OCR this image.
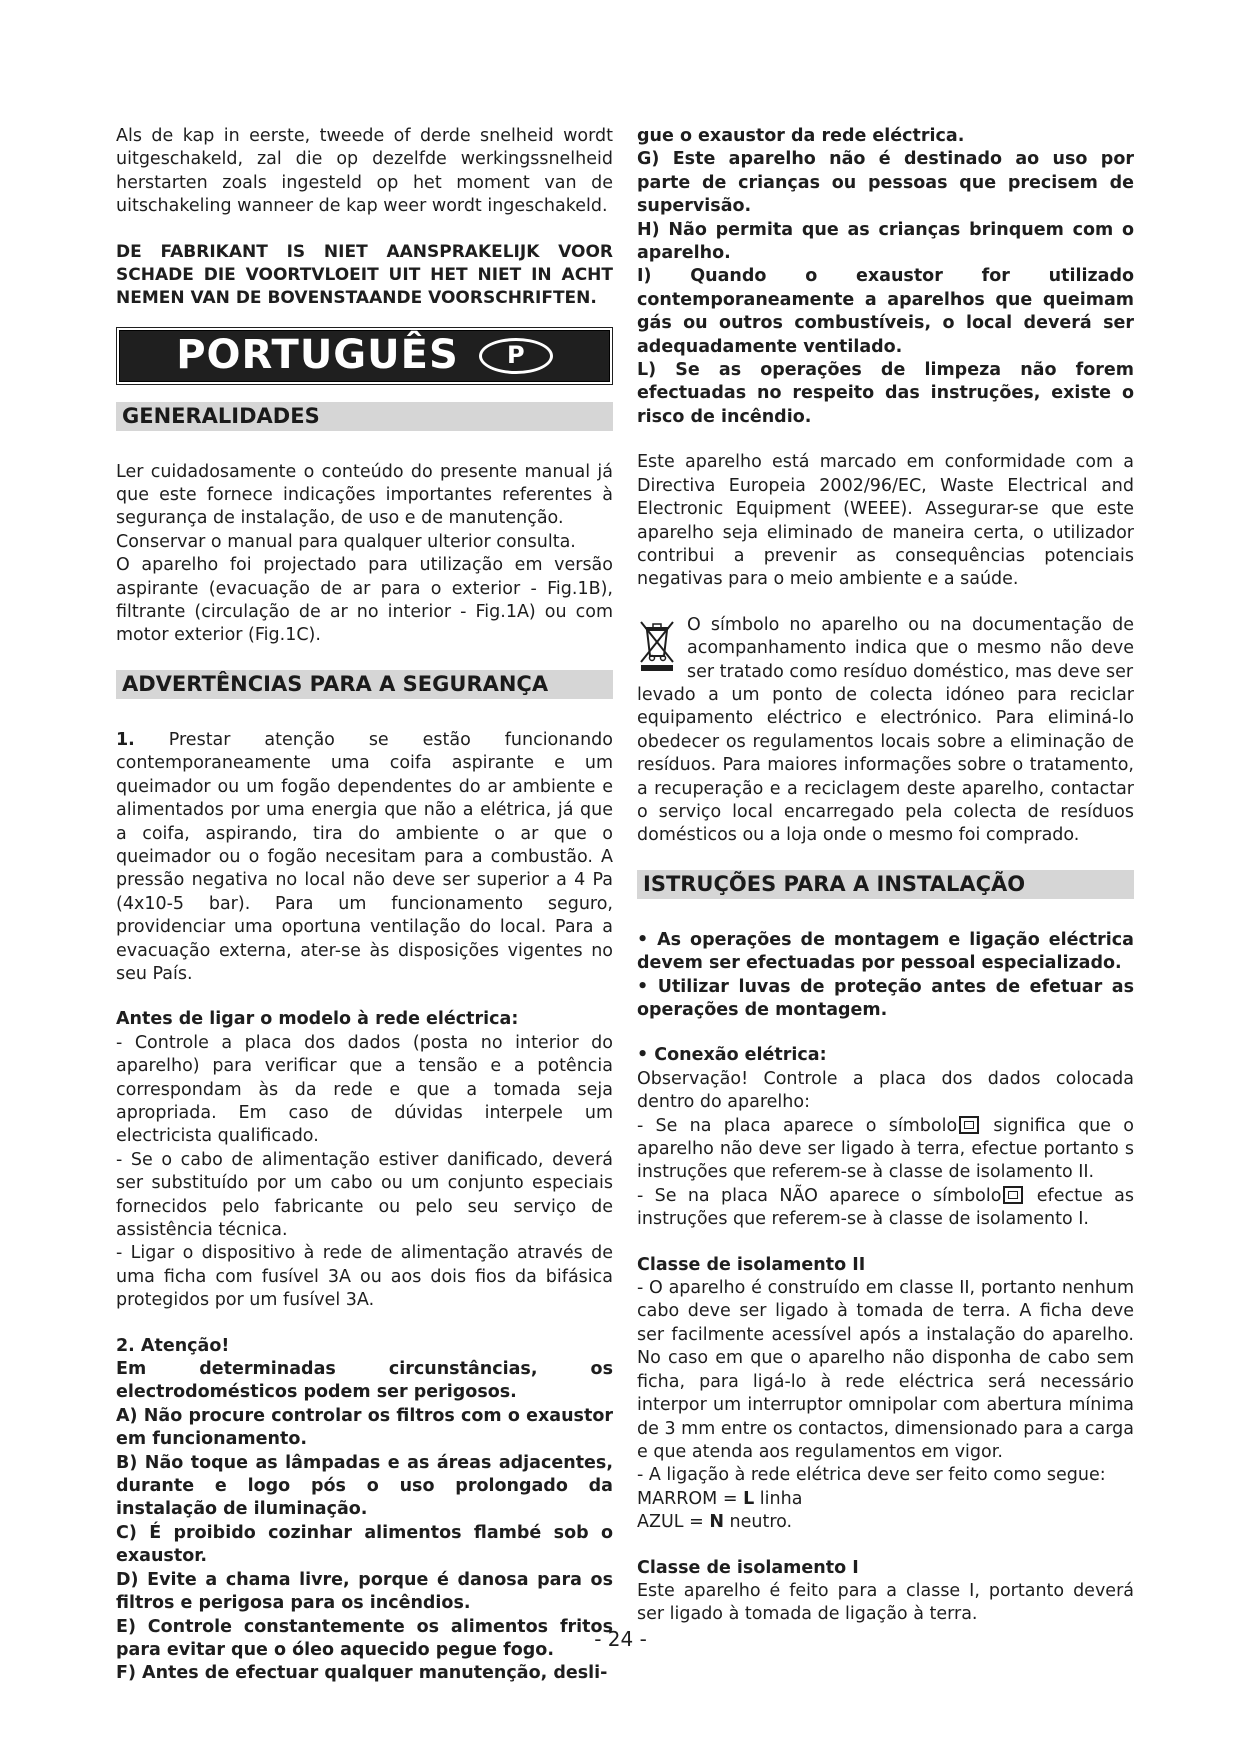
Als de kap in eerste, tweede of derde snelheid wordt uitgeschakeld, zal die op dezelfde werkingssnelheid herstarten zoals ingesteld op het moment van de uitschakeling wanneer de kap weer wordt ingeschakeld.

DE FABRIKANT IS NIET AANSPRAKELIJK VOOR SCHADE DIE VOORTVLOEIT UIT HET NIET IN ACHT NEMEN VAN DE BOVENSTAANDE VOORSCHRIFTEN.

PORTUGUÊS	P
GENERALIDADES

Ler cuidadosamente o conteúdo do presente manual já que este fornece indicações importantes referentes à segurança de instalação, de uso e de manutenção.

Conservar o manual para qualquer ulterior consulta.

O aparelho foi projectado para utilização em versão aspirante (evacuação de ar para o exterior - Fig.1B), filtrante (circulação de ar no interior - Fig.1A) ou com motor exterior (Fig.1C).

ADVERTÊNCIAS PARA A SEGURANÇA

1. Prestar atenção se estão funcionando contemporaneamente uma coifa aspirante e um queimador ou um fogão dependentes do ar ambiente e alimentados por uma energia que não a elétrica, já que a coifa, aspirando, tira do ambiente o ar que o queimador ou o fogão necesitam para a combustão. A pressão negativa no local não deve ser superior a 4 Pa (4x10-5 bar). Para um funcionamento seguro, providenciar uma oportuna ventilação do local. Para a evacuação externa, ater-se às disposições vigentes no seu País.

Antes de ligar o modelo à rede eléctrica:

- Controle a placa dos dados (posta no interior do aparelho) para verificar que a tensão e a potência correspondam às da rede e que a tomada seja apropriada. Em caso de dúvidas interpele um electricista qualificado.

- Se o cabo de alimentação estiver danificado, deverá ser substituído por um cabo ou um conjunto especiais fornecidos pelo fabricante ou pelo seu serviço de assistência técnica.

- Ligar o dispositivo à rede de alimentação através de uma ficha com fusível 3A ou aos dois fios da bifásica protegidos por um fusível 3A.

2. Atenção!

Em determinadas circunstâncias, os electrodomésticos podem ser perigosos.

A) Não procure controlar os filtros com o exaustor em funcionamento.

B) Não toque as lâmpadas e as áreas adjacentes, durante e logo pós o uso prolongado da instalação de iluminação.

C) É proibido cozinhar alimentos flambé sob o exaustor.

D) Evite a chama livre, porque é danosa para os filtros e perigosa para os incêndios.

E) Controle constantemente os alimentos fritos para evitar que o óleo aquecido pegue fogo.

F) Antes de efectuar qualquer manutenção, desli-

gue o exaustor da rede eléctrica.

G) Este aparelho não é destinado ao uso por parte de crianças ou pessoas que precisem de supervisão.

H) Não permita que as crianças brinquem com o aparelho.

I) Quando o exaustor for utilizado contemporaneamente a aparelhos que queimam gás ou outros combustíveis, o local deverá ser adequadamente ventilado.

L) Se as operações de limpeza não forem efectuadas no respeito das instruções, existe o risco de incêndio.

Este aparelho está marcado em conformidade com a Directiva Europeia 2002/96/EC, Waste Electrical and Electronic Equipment (WEEE). Assegurar-se que este aparelho seja eliminado de maneira certa, o utilizador contribui a prevenir as consequências potenciais negativas para o meio ambiente e a saúde.

O símbolo no aparelho ou na documentação de acompanhamento indica que o mesmo não deve ser tratado como resíduo doméstico, mas deve ser

levado a um ponto de colecta idóneo para reciclar equipamento eléctrico e electrónico. Para eliminá-lo obedecer os regulamentos locais sobre a eliminação de resíduos. Para maiores informações sobre o tratamento, a recuperação e a reciclagem deste aparelho, contactar o serviço local encarregado pela colecta de resíduos domésticos ou a loja onde o mesmo foi comprado.

ISTRUÇÕES PARA A INSTALAÇÃO

• As operações de montagem e ligação eléctrica devem ser efectuadas por pessoal especializado.

• Utilizar luvas de proteção antes de efetuar as operações de montagem.

• Conexão elétrica:

Observação! Controle a placa dos dados colocada dentro do aparelho:

- Se na placa aparece o símbolo significa que o aparelho não deve ser ligado à terra, efectue portanto s instruções que referem-se à classe de isolamento II.

- Se na placa NÃO aparece o símbolo efectue as instruções que referem-se à classe de isolamento I.

Classe de isolamento II

- O aparelho é construído em classe II, portanto nenhum cabo deve ser ligado à tomada de terra. A ficha deve ser facilmente acessível após a instalação do aparelho. No caso em que o aparelho não disponha de cabo sem ficha, para ligá-lo à rede eléctrica será necessário interpor um interruptor omnipolar com abertura mínima de 3 mm entre os contactos, dimensionado para a carga e que atenda aos regulamentos em vigor.

- A ligação à rede elétrica deve ser feito como segue:

MARROM = L linha

AZUL = N neutro.

Classe de isolamento I

Este aparelho é feito para a classe I, portanto deverá ser ligado à tomada de ligação à terra.

- 24 -
